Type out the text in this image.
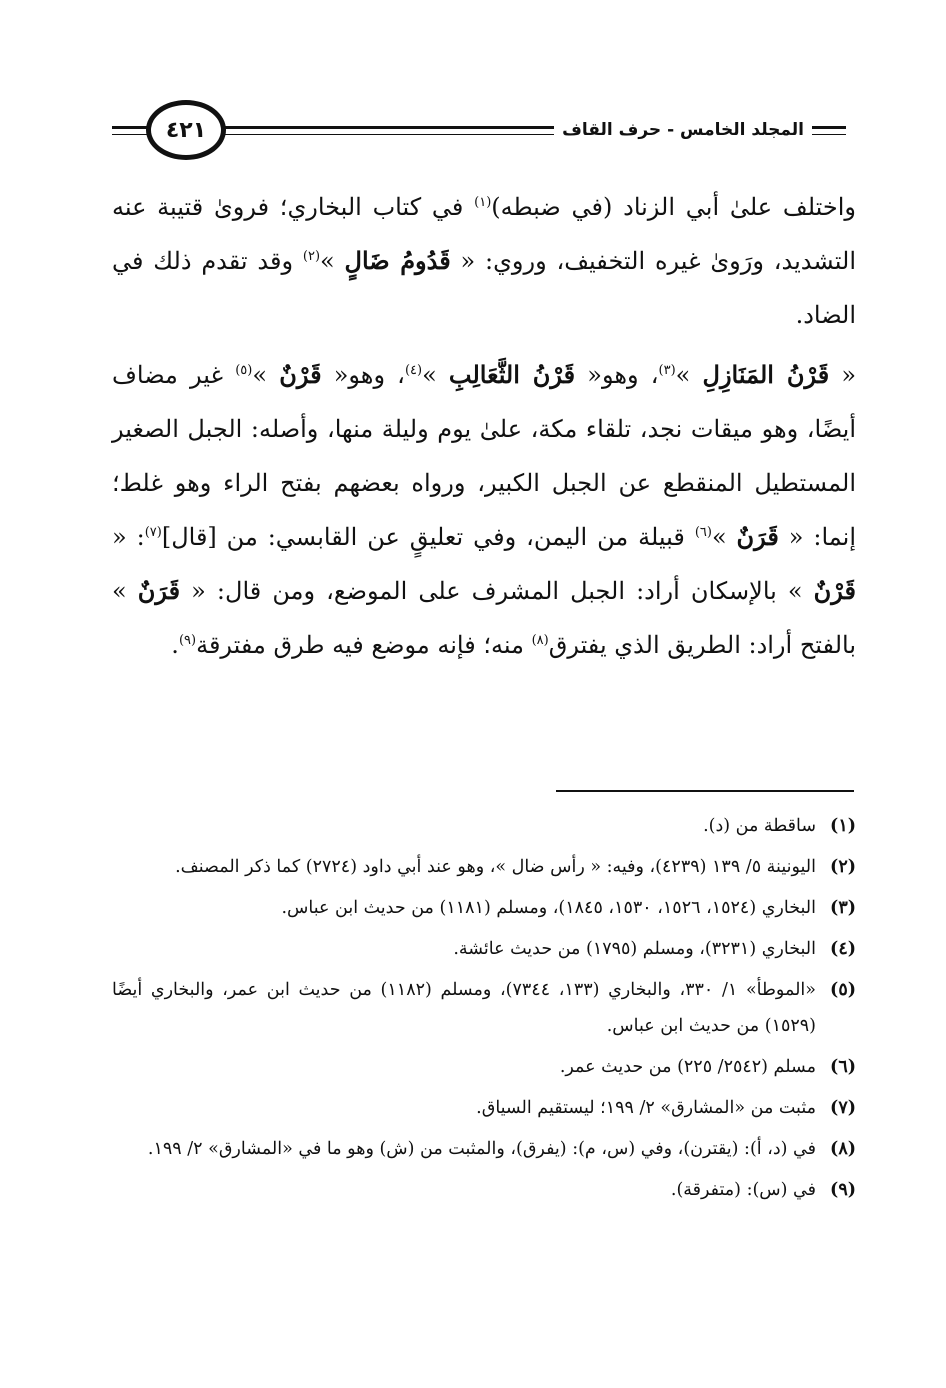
٤٢١	المجلد الخامس - حرف القاف

واختلف علىٰ أبي الزناد (في ضبطه)$^{(١)}$ في كتاب البخاري؛ فروىٰ قتيبة عنه التشديد، ورَوىٰ غيره التخفيف، وروي: « قَدُومُ ضَالٍ »$^{(٢)}$ وقد تقدم ذلك في الضاد.

« قَرْنُ المَنَازِلِ »$^{(٣)}$، وهو« قَرْنُ الثَّعَالِبِ »$^{(٤)}$، وهو« قَرْنٌ »$^{(٥)}$ غير مضاف أيضًا، وهو ميقات نجد، تلقاء مكة، علىٰ يوم وليلة منها، وأصله: الجبل الصغير المستطيل المنقطع عن الجبل الكبير، ورواه بعضهم بفتح الراء وهو غلط؛ إنما: « قَرَنٌ »$^{(٦)}$ قبيلة من اليمن، وفي تعليقٍ عن القابسي: من [قال]$^{(٧)}$: « قَرْنٌ » بالإسكان أراد: الجبل المشرف على الموضع، ومن قال: « قَرَنٌ » بالفتح أراد: الطريق الذي يفترق$^{(٨)}$ منه؛ فإنه موضع فيه طرق مفترقة$^{(٩)}$.

(١)
ساقطة من (د).
(٢)
اليونينة ٥/ ١٣٩ (٤٢٣٩)، وفيه: « رأس ضال »، وهو عند أبي داود (٢٧٢٤) كما ذكر المصنف.
(٣)
البخاري (١٥٢٤، ١٥٢٦، ١٥٣٠، ١٨٤٥)، ومسلم (١١٨١) من حديث ابن عباس.
(٤)
البخاري (٣٢٣١)، ومسلم (١٧٩٥) من حديث عائشة.
(٥)
«الموطأ» ١/ ٣٣٠، والبخاري (١٣٣، ٧٣٤٤)، ومسلم (١١٨٢) من حديث ابن عمر، والبخاري أيضًا (١٥٢٩) من حديث ابن عباس.
(٦)
مسلم (٢٥٤٢/ ٢٢٥) من حديث عمر.
(٧)
مثبت من «المشارق» ٢/ ١٩٩؛ ليستقيم السياق.
(٨)
في (د، أ): (يقترن)، وفي (س، م): (يفرق)، والمثبت من (ش) وهو ما في «المشارق» ٢/ ١٩٩.
(٩)
في (س): (متفرقة).
